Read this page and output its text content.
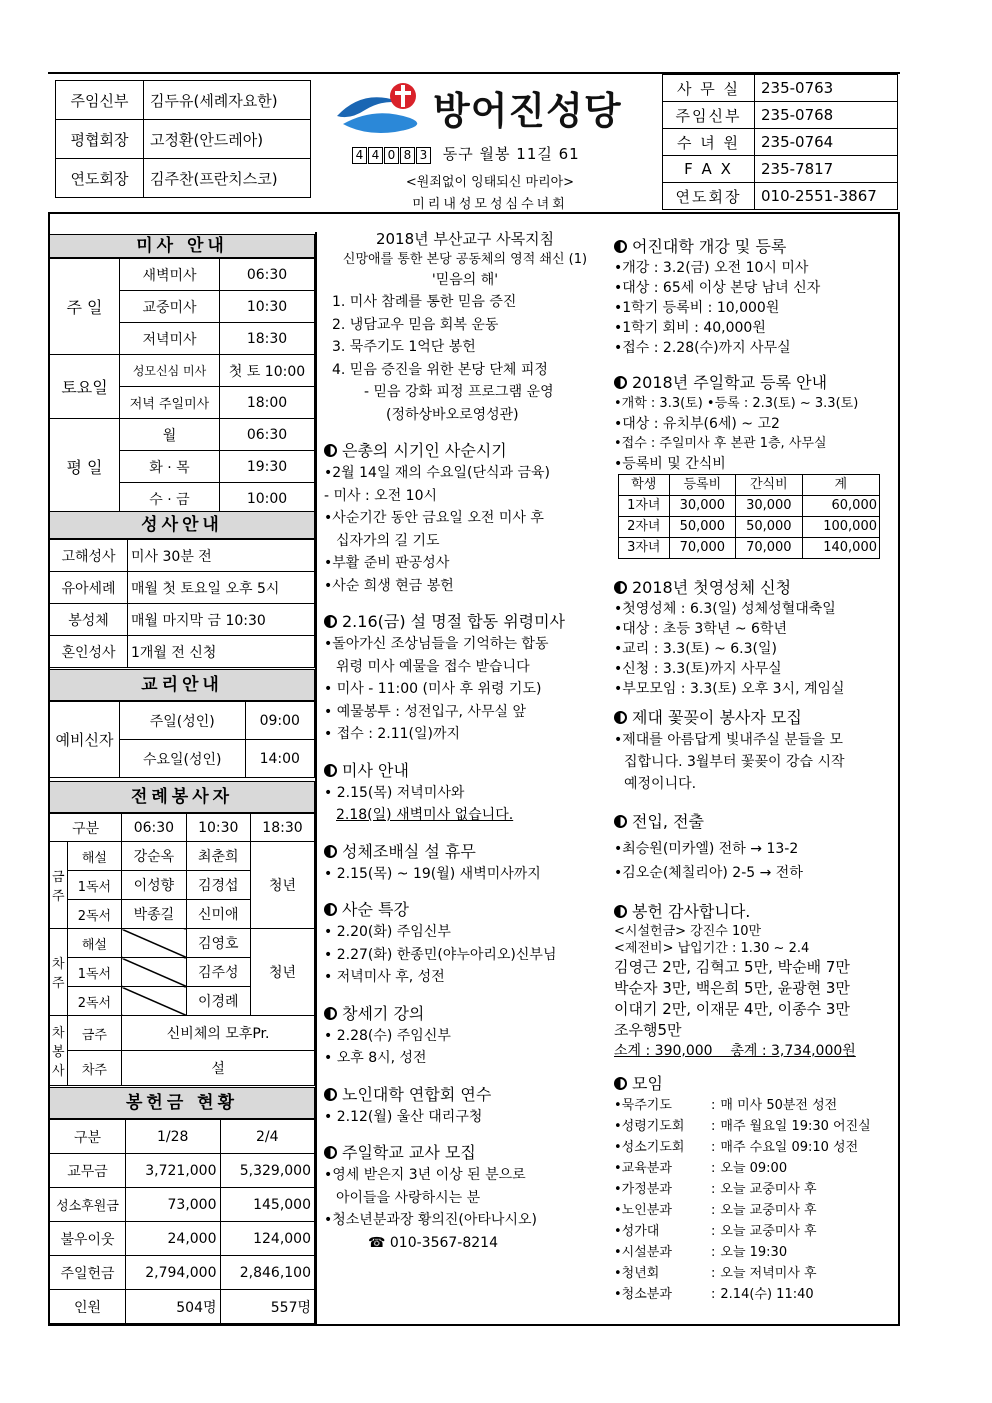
주임신부	김두유(세례자요한)
평협회장	고정환(안드레아)
연도회장	김주찬(프란치스코)
방어진성당
4 4 0 8 3 동구 월봉 11길 61
<원죄없이 잉태되신 마리아>
미리내성모성심수녀회
사 무 실	235-0763
주임신부	235-0768
수 녀 원	235-0764
F A X	235-7817
연도회장	010-2551-3867
미사 안내
주 일	새벽미사	06:30
	교중미사	10:30
	저녁미사	18:30
토요일	성모신심 미사	첫 토 10:00
	저녁 주일미사	18:00
평 일	월	06:30
	화 · 목	19:30
	수 · 금	10:00
성사안내
고해성사	미사 30분 전
유아세례	매월 첫 토요일 오후 5시
봉성체	매월 마지막 금 10:30
혼인성사	1개월 전 신청
교리안내
예비신자	주일(성인)	09:00
	수요일(성인)	14:00
전례봉사자
구분		06:30	10:30	18:30
금주	해설	강순옥	최춘희	청년
	1독서	이성향	김경섭	
	2독서	박종길	신미애	
차주	해설		김영호	청년
	1독서		김주성	
	2독서		이경례	
차 봉사	금주	신비체의 모후Pr.		
	차주	설		
봉헌금 현황
구분	1/28	2/4
교무금	3,721,000	5,329,000
성소후원금	73,000	145,000
불우이웃	24,000	124,000
주일헌금	2,794,000	2,846,100
인원	504명	557명
2018년 부산교구 사목지침
신망애를 통한 본당 공동체의 영적 쇄신 (1)
'믿음의 해'
1. 미사 참례를 통한 믿음 증진
2. 냉담교우 믿음 회복 운동
3. 묵주기도 1억단 봉헌
4. 믿음 증진을 위한 본당 단체 피정
- 믿음 강화 피정 프로그램 운영
(정하상바오로영성관)
은총의 시기인 사순시기
•2월 14일 재의 수요일(단식과 금육)
- 미사 : 오전 10시
•사순기간 동안 금요일 오전 미사 후
십자가의 길 기도
•부활 준비 판공성사
•사순 희생 현금 봉헌
2.16(금) 설 명절 합동 위령미사
•돌아가신 조상님들을 기억하는 합동
위령 미사 예물을 접수 받습니다
• 미사 - 11:00 (미사 후 위령 기도)
• 예물봉투 : 성전입구, 사무실 앞
• 접수 : 2.11(일)까지
미사 안내
• 2.15(목) 저녁미사와
2.18(일) 새벽미사 없습니다.
성체조배실 설 휴무
• 2.15(목) ~ 19(월) 새벽미사까지
사순 특강
• 2.20(화) 주임신부
• 2.27(화) 한종민(야누아리오)신부님
• 저녁미사 후, 성전
창세기 강의
• 2.28(수) 주임신부
• 오후 8시, 성전
노인대학 연합회 연수
• 2.12(월) 울산 대리구청
주일학교 교사 모집
•영세 받은지 3년 이상 된 분으로
아이들을 사랑하시는 분
•청소년분과장 황의진(아타나시오)
☎ 010-3567-8214
어진대학 개강 및 등록
•개강 : 3.2(금) 오전 10시 미사
•대상 : 65세 이상 본당 남녀 신자
•1학기 등록비 : 10,000원
•1학기 회비 : 40,000원
•접수 : 2.28(수)까지 사무실
2018년 주일학교 등록 안내
•개학 : 3.3(토) •등록 : 2.3(토) ~ 3.3(토)
•대상 : 유치부(6세) ~ 고2
•접수 : 주일미사 후 본관 1층, 사무실
•등록비 및 간식비
학생	등록비	간식비	계
1자녀	30,000	30,000	60,000
2자녀	50,000	50,000	100,000
3자녀	70,000	70,000	140,000
2018년 첫영성체 신청
•첫영성체 : 6.3(일) 성체성혈대축일
•대상 : 초등 3학년 ~ 6학년
•교리 : 3.3(토) ~ 6.3(일)
•신청 : 3.3(토)까지 사무실
•부모모임 : 3.3(토) 오후 3시, 계임실
제대 꽃꽂이 봉사자 모집
•제대를 아름답게 빛내주실 분들을 모
집합니다. 3월부터 꽃꽂이 강습 시작
예정이니다.
전입, 전출
•최승원(미카엘) 전하 → 13-2
•김오순(체칠리아) 2-5 → 전하
봉헌 감사합니다.
<시설헌금> 강진수 10만
<제전비> 납입기간 : 1.30 ~ 2.4
김영근 2만, 김혁고 5만, 박순배 7만
박순자 3만, 백은희 5만, 윤광현 3만
이대기 2만, 이재문 4만, 이종수 3만
조우행5만
소계 : 390,000    총계 : 3,734,000원
모임
•묵주기도	: 매 미사 50분전 성전
•성령기도회	: 매주 월요일 19:30 어진실
•성소기도회	: 매주 수요일 09:10 성전
•교육분과	: 오늘 09:00
•가정분과	: 오늘 교중미사 후
•노인분과	: 오늘 교중미사 후
•성가대	: 오늘 교중미사 후
•시설분과	: 오늘 19:30
•청년회	: 오늘 저녁미사 후
•청소분과	: 2.14(수) 11:40
